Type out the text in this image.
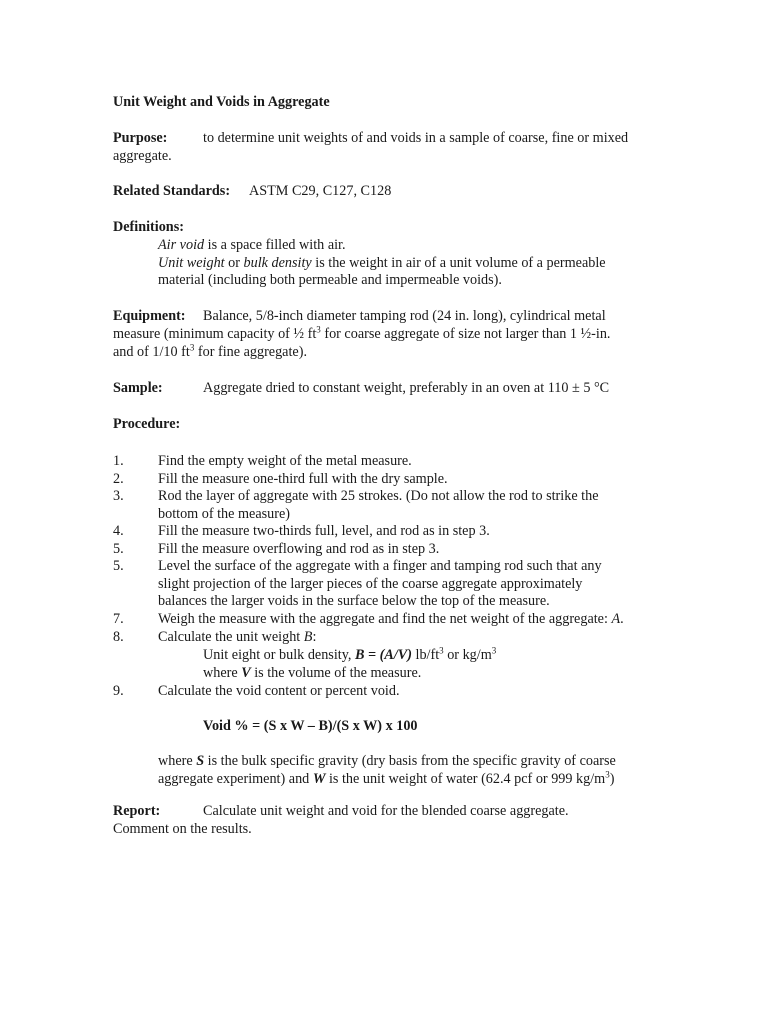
Unit Weight and Voids in Aggregate
Purpose:	to determine unit weights of and voids in a sample of coarse, fine or mixed
aggregate.
Related Standards: ASTM C29, C127, C128
Definitions:
Air void is a space filled with air.
Unit weight or bulk density is the weight in air of a unit volume of a permeable
material (including both permeable and impermeable voids).
Equipment: Balance, 5/8-inch diameter tamping rod (24 in. long), cylindrical metal
measure (minimum capacity of ½ $ft^3$ for coarse aggregate of size not larger than 1 ½-in.
and of 1/10 $ft^3$ for fine aggregate).
Sample:	Aggregate dried to constant weight, preferably in an oven at 110 ± 5 °C
Procedure:
1. Find the empty weight of the metal measure.
2. Fill the measure one-third full with the dry sample.
3. Rod the layer of aggregate with 25 strokes. (Do not allow the rod to strike the
bottom of the measure)
4. Fill the measure two-thirds full, level, and rod as in step 3.
5. Fill the measure overflowing and rod as in step 3.
5. Level the surface of the aggregate with a finger and tamping rod such that any
slight projection of the larger pieces of the coarse aggregate approximately
balances the larger voids in the surface below the top of the measure.
7. Weigh the measure with the aggregate and find the net weight of the aggregate: A.
8. Calculate the unit weight B:
Unit eight or bulk density, B = (A/V) $lb/ft^3$ or $kg/m^3$
where V is the volume of the measure.
9. Calculate the void content or percent void.
Void % = (S x W – B)/(S x W) x 100
where S is the bulk specific gravity (dry basis from the specific gravity of coarse
aggregate experiment) and W is the unit weight of water (62.4 pcf or 999 $kg/m^3$)
Report:	Calculate unit weight and void for the blended coarse aggregate.
Comment on the results.
